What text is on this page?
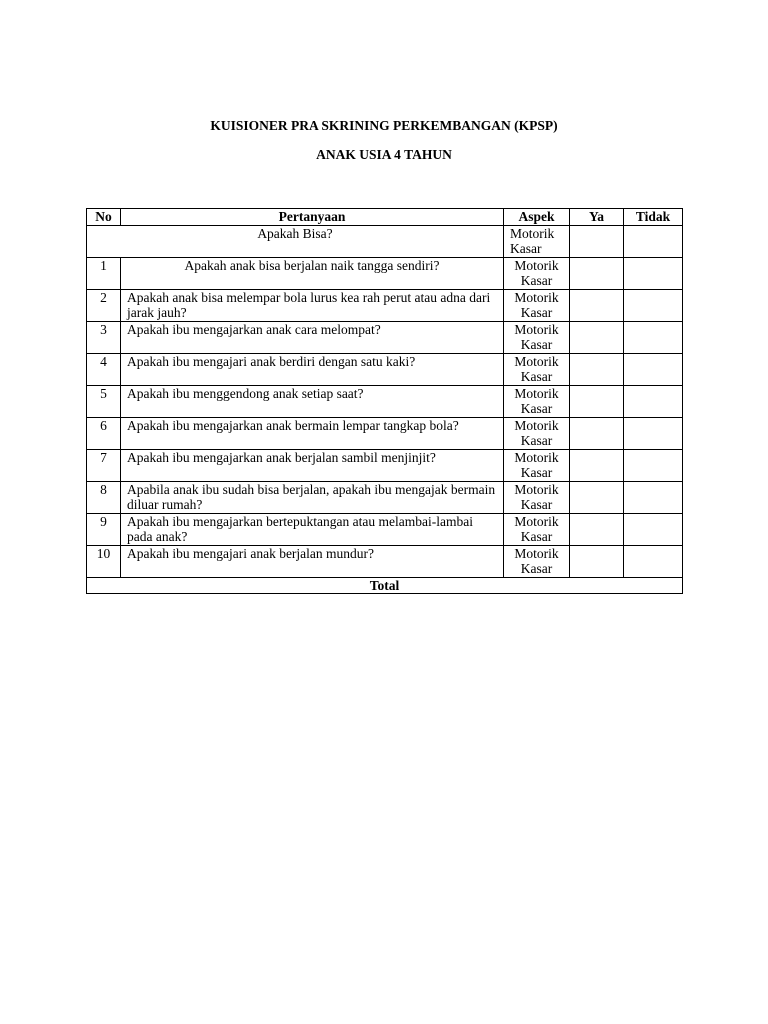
KUISIONER PRA SKRINING PERKEMBANGAN (KPSP)
ANAK USIA 4 TAHUN
No	Pertanyaan	Aspek	Ya	Tidak
Apakah Bisa?		Motorik Kasar		
1	Apakah anak bisa berjalan naik tangga sendiri?	Motorik
Kasar		

2	Apakah anak bisa melempar bola lurus kea rah perut atau adna dari jarak jauh?	Motorik
Kasar		

3	Apakah ibu mengajarkan anak cara melompat?	Motorik
Kasar		

4	Apakah ibu mengajari anak berdiri dengan satu kaki?	Motorik
Kasar		

5	Apakah ibu menggendong anak setiap saat?	Motorik
Kasar		

6	Apakah ibu mengajarkan anak bermain lempar tangkap bola?	Motorik
Kasar		

7	Apakah ibu mengajarkan anak berjalan sambil menjinjit?	Motorik
Kasar		

8	Apabila anak ibu sudah bisa berjalan, apakah ibu mengajak bermain diluar rumah?	Motorik
Kasar		

9	Apakah ibu mengajarkan bertepuktangan atau melambai-lambai pada anak?	Motorik
Kasar		

10	Apakah ibu mengajari anak berjalan mundur?	Motorik
Kasar		

Total				
